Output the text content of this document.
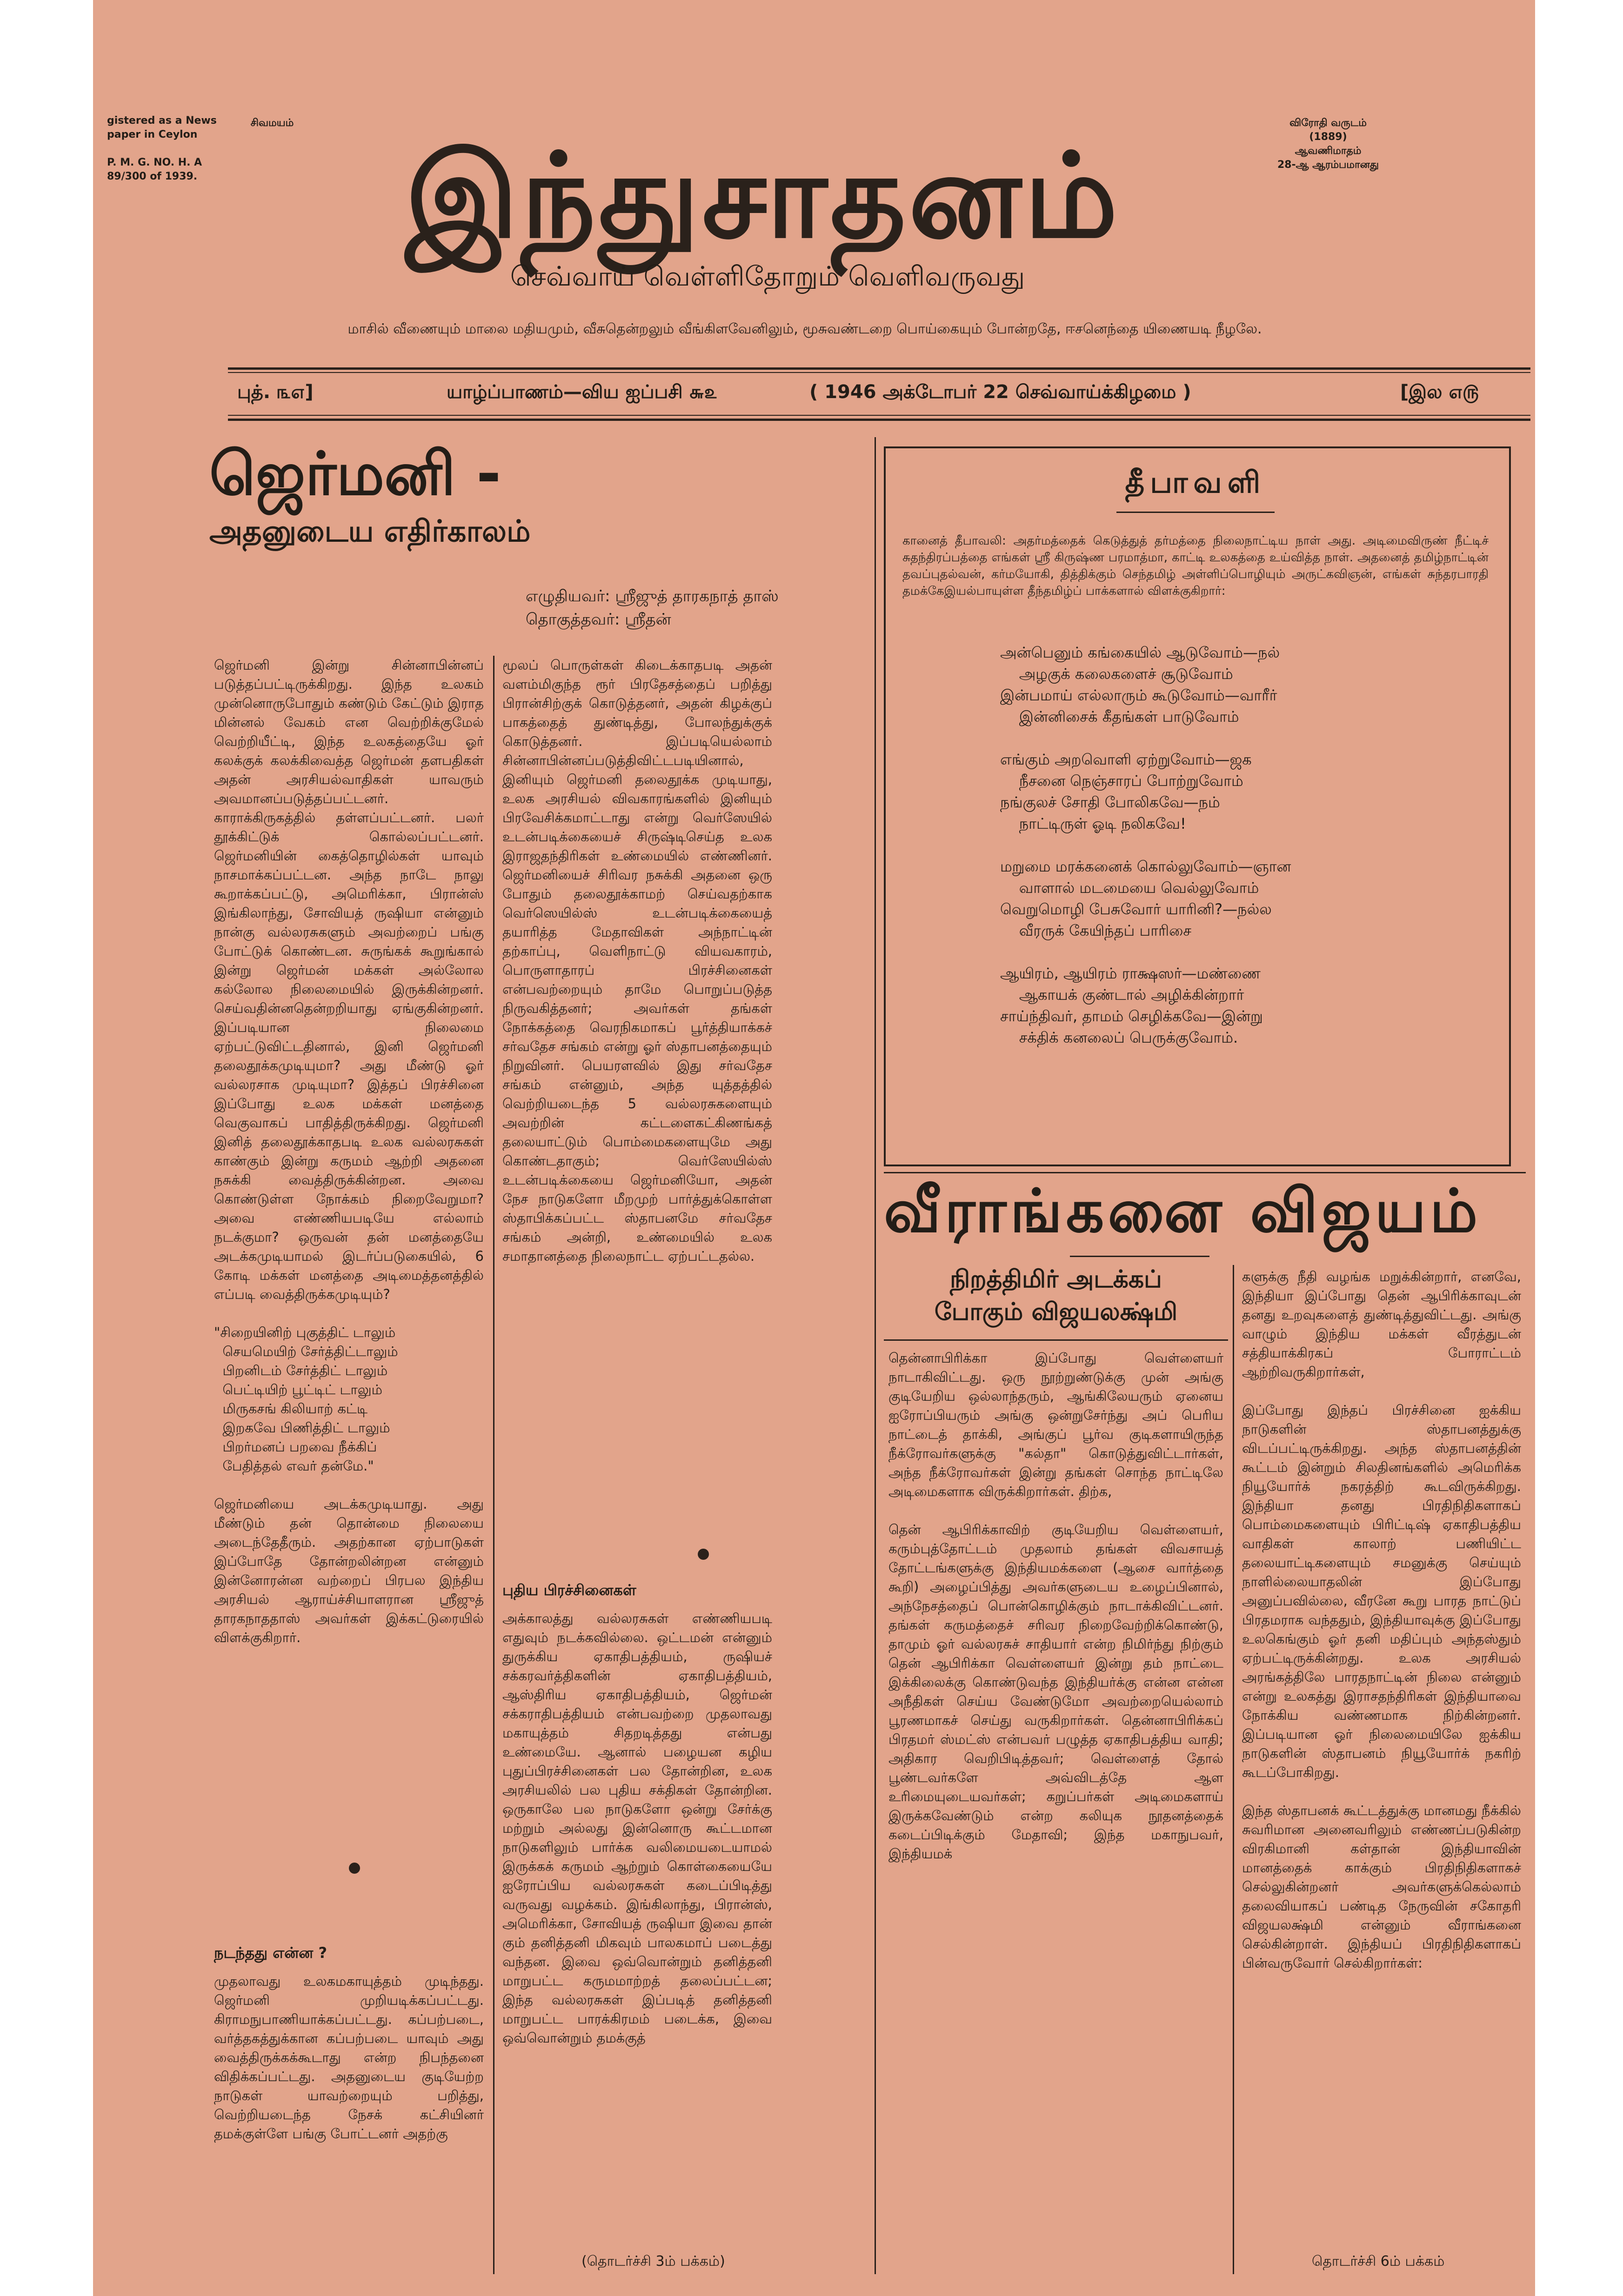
சிவமயம்
gistered as a News
paper in Ceylon

P. M. G. NO. H. A
89/300 of 1939.	இந்துசாதனம்
விரோதி வருடம்
(1889)
ஆவணிமாதம்
28-ஆ ஆரம்பமானது
செவ்வாய் வெள்ளிதோறும் வெளிவருவது
மாசில் வீணையும் மாலை மதியமும், வீசுதென்றலும் வீங்கிளவேனிலும், மூசுவண்டறை பொய்கையும் போன்றதே, ஈசனெந்தை யிணையடி நீழலே.
புத். ௩௭]	யாழ்ப்பாணம்—விய ஐப்பசி ௬௨	( 1946 அக்டோபர் 22 செவ்வாய்க்கிழமை )	[இல ௭௫
ஜெர்மனி -
அதனுடைய எதிர்காலம்
எழுதியவர்: ஸ்ரீஜுத் தாரகநாத் தாஸ்
தொகுத்தவர்: ஸ்ரீதன்
ஜெர்மனி இன்று சின்னாபின்னப் படுத்தப்பட்டிருக்கிறது. இந்த உலகம் முன்னொருபோதும் கண்டும் கேட்டும் இராத மின்னல் வேகம் என வெற்றிக்குமேல் வெற்றியீட்டி, இந்த உலகத்தையே ஓர் கலக்குக் கலக்கிவைத்த ஜெர்மன் தளபதிகள் அதன் அரசியல்வாதிகள் யாவரும் அவமானப்படுத்தப்பட்டனர். காராக்கிருகத்தில் தள்ளப்பட்டனர். பலர் தூக்கிட்டுக் கொல்லப்பட்டனர். ஜெர்மனியின் கைத்தொழில்கள் யாவும் நாசமாக்கப்பட்டன. அந்த நாடே நாலு கூறாக்கப்பட்டு, அமெரிக்கா, பிரான்ஸ் இங்கிலாந்து, சோவியத் ருஷியா என்னும் நான்கு வல்லரசுகளும் அவற்றைப் பங்கு போட்டுக் கொண்டன. சுருங்கக் கூறுங்கால் இன்று ஜெர்மன் மக்கள் அல்லோல கல்லோல நிலைமையில் இருக்கின்றனர். செய்வதின்னதென்றறியாது ஏங்குகின்றனர். இப்படியான நிலைமை ஏற்பட்டுவிட்டதினால், இனி ஜெர்மனி தலைதூக்கமுடியுமா? அது மீண்டு ஓர் வல்லரசாக முடியுமா? இத்தப் பிரச்சினை இப்போது உலக மக்கள் மனத்தை வெகுவாகப் பாதித்திருக்கிறது. ஜெர்மனி இனித் தலைதூக்காதபடி உலக வல்லரசுகள் காண்கும் இன்று கருமம் ஆற்றி அதனை நசுக்கி வைத்திருக்கின்றன. அவை கொண்டுள்ள நோக்கம் நிறைவேறுமா? அவை எண்ணியபடியே எல்லாம் நடக்குமா? ஒருவன் தன் மனத்தையே அடக்கமுடியாமல் இடர்ப்படுகையில், 6 கோடி மக்கள் மனத்தை அடிமைத்தனத்தில் எப்படி வைத்திருக்கமுடியும்?

"சிறையினிற் புகுத்திட் டாலும்
செயமெயிற் சேர்த்திட்டாலும்
பிறனிடம் சேர்த்திட் டாலும்
பெட்டியிற் பூட்டிட் டாலும்
மிருகசங் கிலியாற் கட்டி
இறகவே பிணித்திட் டாலும்
பிறர்மனப் பறவை நீக்கிப்
பேதித்தல் எவர் தன்மே."

ஜெர்மனியை அடக்கமுடியாது. அது மீண்டும் தன் தொன்மை நிலையை அடைந்தேதீரும். அதற்கான ஏற்பாடுகள் இப்போதே தோன்றலின்றன என்னும் இன்னோரன்ன வற்றைப் பிரபல இந்திய அரசியல் ஆராய்ச்சியாளரான ஸ்ரீஜுத் தாரகநாததாஸ் அவர்கள் இக்கட்டுரையில் விளக்குகிறார்.
நடந்தது என்ன ?
முதலாவது உலகமகாயுத்தம் முடிந்தது. ஜெர்மனி முறியடிக்கப்பட்டது. கிராமநுபாணியாக்கப்பட்டது. கப்பற்படை, வர்த்தகத்துக்கான கப்பற்படை யாவும் அது வைத்திருக்கக்கூடாது என்ற நிபந்தனை விதிக்கப்பட்டது. அதனுடைய குடியேற்ற நாடுகள் யாவற்றையும் பறித்து, வெற்றியடைந்த நேசக் கட்சியினர் தமக்குள்ளே பங்கு போட்டனர் அதற்கு
மூலப் பொருள்கள் கிடைக்காதபடி அதன் வளம்மிகுந்த ரூர் பிரதேசத்தைப் பறித்து பிரான்சிற்குக் கொடுத்தனர், அதன் கிழக்குப் பாகத்தைத் துண்டித்து, போலந்துக்குக் கொடுத்தனர். இப்படியெல்லாம் சின்னாபின்னப்படுத்திவிட்டபடியினால், இனியும் ஜெர்மனி தலைதூக்க முடியாது, உலக அரசியல் விவகாரங்களில் இனியும் பிரவேசிக்கமாட்டாது என்று வெர்ஸேயில் உடன்படிக்கையைச் சிருஷ்டிசெய்த உலக இராஜதந்திரிகள் உண்மையில் எண்ணினர். ஜெர்மனியைச் சிரிவர நசுக்கி அதனை ஒரு போதும் தலைதூக்காமற் செய்வதற்காக வெர்ஸெயில்ஸ் உடன்படிக்கையைத் தயாரித்த மேதாவிகள் அந்நாட்டின் தற்காப்பு, வெளிநாட்டு வியவகாரம், பொருளாதாரப் பிரச்சினைகள் என்பவற்றையும் தாமே பொறுப்படுத்த நிருவகித்தனர்; அவர்கள் தங்கள் நோக்கத்தை வெரநிகமாகப் பூர்த்தியாக்கச் சர்வதேச சங்கம் என்று ஓர் ஸ்தாபனத்தையும் நிறுவினர். பெயரளவில் இது சர்வதேச சங்கம் என்னும், அந்த யுத்தத்தில் வெற்றியடைந்த 5 வல்லரசுகளையும் அவற்றின் கட்டளைகட்கிணங்கத் தலையாட்டும் பொம்மைகளையுமே அது கொண்டதாகும்; வெர்ஸேயில்ஸ் உடன்படிக்கையை ஜெர்மனியோ, அதன் நேச நாடுகளோ மீறமுற் பார்த்துக்கொள்ள ஸ்தாபிக்கப்பட்ட ஸ்தாபனமே சர்வதேச சங்கம் அன்றி, உண்மையில் உலக சமாதானத்தை நிலைநாட்ட ஏற்பட்டதல்ல.
புதிய பிரச்சினைகள்
அக்காலத்து வல்லரசுகள் எண்ணியபடி எதுவும் நடக்கவில்லை. ஒட்டமன் என்னும் துருக்கிய ஏகாதிபத்தியம், ருஷியச் சக்கரவர்த்திகளின் ஏகாதிபத்தியம், ஆஸ்திரிய ஏகாதிபத்தியம், ஜெர்மன் சக்கராதிபத்தியம் என்பவற்றை முதலாவது மகாயுத்தம் சிதறடித்தது என்பது உண்மையே. ஆனால் பழையன கழிய புதுப்பிரச்சினைகள் பல தோன்றின, உலக அரசியலில் பல புதிய சக்திகள் தோன்றின. ஒருகாலே பல நாடுகளோ ஒன்று சேர்க்கு மற்றும் அல்லது இன்னொரு கூட்டமான நாடுகளிலும் பார்க்க வலிமையடையாமல் இருக்கக் கருமம் ஆற்றும் கொள்கையையே ஐரோப்பிய வல்லரசுகள் கடைப்பிடித்து வருவது வழக்கம். இங்கிலாந்து, பிரான்ஸ், அமெரிக்கா, சோவியத் ருஷியா இவை தான் கும் தனித்தனி மிகவும் பாலகமாப் படைத்து வந்தன. இவை ஒவ்வொன்றும் தனித்தனி மாறுபட்ட கருமமாற்றத் தலைப்பட்டன; இந்த வல்லரசுகள் இப்படித் தனித்தனி மாறுபட்ட பாரக்கிரமம் படைக்க, இவை ஒவ்வொன்றும் தமக்குத்
(தொடர்ச்சி 3ம் பக்கம்)
தீபாவளி
கானைத் தீபாவலி: அதர்மத்தைக் கெடுத்துத் தர்மத்தை நிலைநாட்டிய நாள் அது. அடிமைவிருண் நீட்டிச் சுதந்திரப்பத்தை எங்கள் ஸ்ரீ கிருஷ்ண பரமாத்மா, காட்டி உலகத்தை உய்வித்த நாள். அதனைத் தமிழ்நாட்டின் தவப்புதல்வன், கர்மயோகி, தித்திக்கும் செந்தமிழ் அள்ளிப்பொழியும் அருட்கவிஞன், எங்கள் சுந்தரபாரதி தமக்கேஇயல்பாயுள்ள தீந்தமிழ்ப் பாக்களால் விளக்குகிறார்:
அன்பெனும் கங்கையில் ஆடுவோம்—நல்
அழகுக் கலைகளைச் சூடுவோம்
இன்பமாய் எல்லாரும் கூடுவோம்—வாரீர்
இன்னிசைக் கீதங்கள் பாடுவோம்

எங்கும் அறவொளி ஏற்றுவோம்—ஜக
நீசனை நெஞ்சாரப் போற்றுவோம்
நங்குலச் சோதி போலிகவே—நம்
நாட்டிருள் ஓடி நலிகவே!

மறுமை மரக்கனைக் கொல்லுவோம்—ஞான
வாளால் மடமையை வெல்லுவோம்
வெறுமொழி பேசுவோர் யாரினி?—நல்ல
வீரருக் கேயிந்தப் பாரிசை

ஆயிரம், ஆயிரம் ராக்ஷஸர்—மண்ணை
ஆகாயக் குண்டால் அழிக்கின்றார்
சாய்ந்திவர், தாமம் செழிக்கவே—இன்று
சக்திக் கனலைப் பெருக்குவோம்.
வீராங்கனை விஜயம்
நிறத்திமிர் அடக்கப்
போகும் விஜயலக்ஷ்மி
தென்னாபிரிக்கா இப்போது வெள்ளையர் நாடாகிவிட்டது. ஒரு நூற்றுண்டுக்கு முன் அங்கு குடியேறிய ஒல்லாந்தரும், ஆங்கிலேயரும் ஏனைய ஐரோப்பியரும் அங்கு ஒன்றுசேர்ந்து அப் பெரிய நாட்டைத் தாக்கி, அங்குப் பூர்வ குடிகளாயிருந்த நீக்ரோவர்களுக்கு "கல்தா" கொடுத்துவிட்டார்கள், அந்த நீக்ரோவர்கள் இன்று தங்கள் சொந்த நாட்டிலே அடிமைகளாக விருக்கிறார்கள். திற்க,

தென் ஆபிரிக்காவிற் குடியேறிய வெள்ளையர், கரும்புத்தோட்டம் முதலாம் தங்கள் விவசாயத் தோட்டங்களுக்கு இந்தியமக்களை (ஆசை வார்த்தை கூறி) அழைப்பித்து அவர்களுடைய உழைப்பினால், அந்நேசத்தைப் பொன்கொழிக்கும் நாடாக்கிவிட்டனர். தங்கள் கருமத்தைச் சரிவர நிறைவேற்றிக்கொண்டு, தாமும் ஓர் வல்லரசுச் சாதியார் என்ற நிமிர்ந்து நிற்கும் தென் ஆபிரிக்கா வெள்ளையர் இன்று தம் நாட்டை இக்கிலைக்கு கொண்டுவந்த இந்தியர்க்கு என்ன என்ன அநீதிகள் செய்ய வேண்டுமோ அவற்றையெல்லாம் பூரணமாகச் செய்து வருகிறார்கள். தென்னாபிரிக்கப் பிரதமர் ஸ்மட்ஸ் என்பவர் பழுத்த ஏகாதிபத்திய வாதி; அதிகார வெறிபிடித்தவர்; வெள்ளைத் தோல் பூண்டவர்களே அவ்விடத்தே ஆள உரிமையுடையவர்கள்; கறுப்பர்கள் அடிமைகளாய் இருக்கவேண்டும் என்ற கலியுக நூதனத்தைக் கடைப்பிடிக்கும் மேதாவி; இந்த மகாநுபவர், இந்தியமக்
களுக்கு நீதி வழங்க மறுக்கின்றார், எனவே, இந்தியா இப்போது தென் ஆபிரிக்காவுடன் தனது உறவுகளைத் துண்டித்துவிட்டது. அங்கு வாழும் இந்திய மக்கள் வீரத்துடன் சத்தியாக்கிரகப் போராட்டம் ஆற்றிவருகிறார்கள்,

இப்போது இந்தப் பிரச்சினை ஐக்கிய நாடுகளின் ஸ்தாபனத்துக்கு விடப்பட்டிருக்கிறது. அந்த ஸ்தாபனத்தின் கூட்டம் இன்றும் சிலதினங்களில் அமெரிக்க நியூயோர்க் நகரத்திற் கூடவிருக்கிறது. இந்தியா தனது பிரதிநிதிகளாகப் பொம்மைகளையும் பிரிட்டிஷ் ஏகாதிபத்திய வாதிகள் காலாற் பணியிட்ட தலையாட்டிகளையும் சமனுக்கு செய்யும் நாளில்லையாதலின் இப்போது அனுப்பவில்லை, வீரனே கூறு பாரத நாட்டுப் பிரதமராக வந்ததும், இந்தியாவுக்கு இப்போது உலகெங்கும் ஓர் தனி மதிப்பும் அந்தஸ்தும் ஏற்பட்டிருக்கின்றது. உலக அரசியல் அரங்கத்திலே பாரதநாட்டின் நிலை என்னும் என்று உலகத்து இராசதந்திரிகள் இந்தியாவை நோக்கிய வண்ணமாக நிற்கின்றனர். இப்படியான ஓர் நிலைமையிலே ஐக்கிய நாடுகளின் ஸ்தாபனம் நியூயோர்க் நகரிற் கூடப்போகிறது.

இந்த ஸ்தாபனக் கூட்டத்துக்கு மானமது நீக்கில் சுவரிமான அனைவரிலும் எண்ணப்படுகின்ற விரகிமானி கள்தான் இந்தியாவின் மானத்தைக் காக்கும் பிரதிநிதிகளாகச் செல்லுகின்றனர் அவர்களுக்கெல்லாம் தலைவியாகப் பண்டித நேருவின் சகோதரி விஜயலக்ஷ்மி என்னும் வீராங்கனை செல்கின்றாள். இந்தியப் பிரதிநிதிகளாகப் பின்வருவோர் செல்கிறார்கள்:
தொடர்ச்சி 6ம் பக்கம்
